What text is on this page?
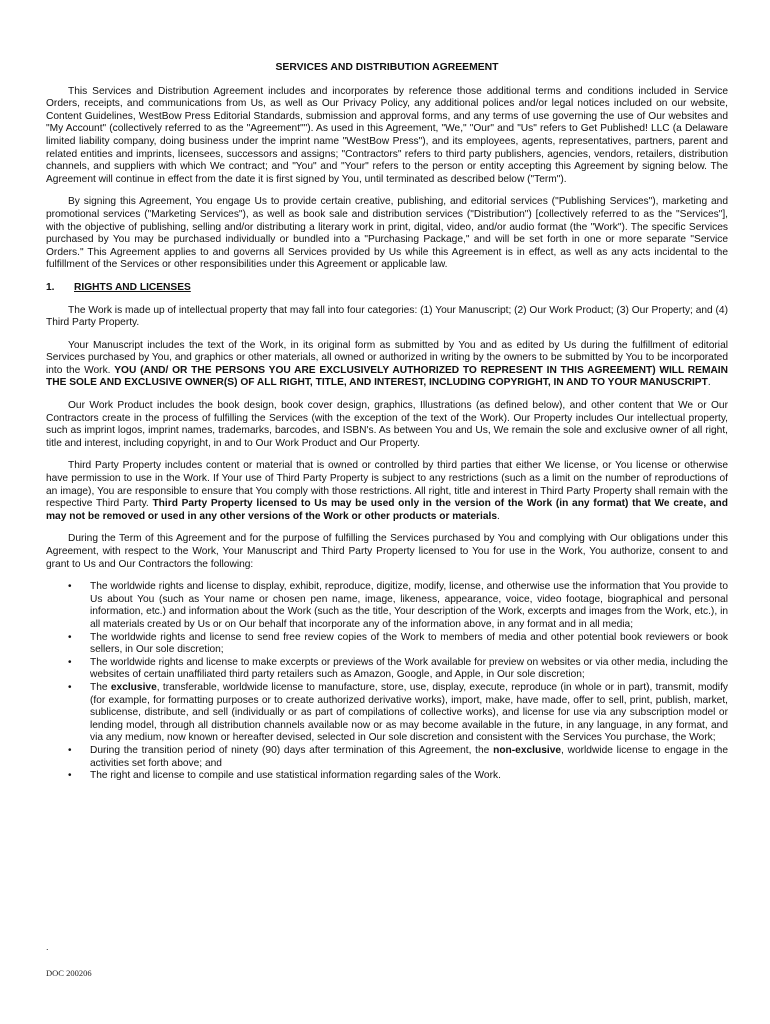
SERVICES AND DISTRIBUTION AGREEMENT

This Services and Distribution Agreement includes and incorporates by reference those additional terms and conditions included in Service Orders, receipts, and communications from Us, as well as Our Privacy Policy, any additional polices and/or legal notices included on our website, Content Guidelines, WestBow Press Editorial Standards, submission and approval forms, and any terms of use governing the use of Our websites and "My Account" (collectively referred to as the "Agreement""). As used in this Agreement, "We," "Our" and "Us" refers to Get Published! LLC (a Delaware limited liability company, doing business under the imprint name "WestBow Press"), and its employees, agents, representatives, partners, parent and related entities and imprints, licensees, successors and assigns; "Contractors" refers to third party publishers, agencies, vendors, retailers, distribution channels, and suppliers with which We contract; and "You" and "Your" refers to the person or entity accepting this Agreement by signing below. The Agreement will continue in effect from the date it is first signed by You, until terminated as described below ("Term").

By signing this Agreement, You engage Us to provide certain creative, publishing, and editorial services ("Publishing Services"), marketing and promotional services ("Marketing Services"), as well as book sale and distribution services ("Distribution") [collectively referred to as the "Services"], with the objective of publishing, selling and/or distributing a literary work in print, digital, video, and/or audio format (the "Work"). The specific Services purchased by You may be purchased individually or bundled into a "Purchasing Package," and will be set forth in one or more separate "Service Orders." This Agreement applies to and governs all Services provided by Us while this Agreement is in effect, as well as any acts incidental to the fulfillment of the Services or other responsibilities under this Agreement or applicable law.

1.	RIGHTS AND LICENSES

The Work is made up of intellectual property that may fall into four categories: (1) Your Manuscript; (2) Our Work Product; (3) Our Property; and (4) Third Party Property.

Your Manuscript includes the text of the Work, in its original form as submitted by You and as edited by Us during the fulfillment of editorial Services purchased by You, and graphics or other materials, all owned or authorized in writing by the owners to be submitted by You to be incorporated into the Work. YOU (AND/ OR THE PERSONS YOU ARE EXCLUSIVELY AUTHORIZED TO REPRESENT IN THIS AGREEMENT) WILL REMAIN THE SOLE AND EXCLUSIVE OWNER(S) OF ALL RIGHT, TITLE, AND INTEREST, INCLUDING COPYRIGHT, IN AND TO YOUR MANUSCRIPT.

Our Work Product includes the book design, book cover design, graphics, Illustrations (as defined below), and other content that We or Our Contractors create in the process of fulfilling the Services (with the exception of the text of the Work). Our Property includes Our intellectual property, such as imprint logos, imprint names, trademarks, barcodes, and ISBN's. As between You and Us, We remain the sole and exclusive owner of all right, title and interest, including copyright, in and to Our Work Product and Our Property.

Third Party Property includes content or material that is owned or controlled by third parties that either We license, or You license or otherwise have permission to use in the Work. If Your use of Third Party Property is subject to any restrictions (such as a limit on the number of reproductions of an image), You are responsible to ensure that You comply with those restrictions. All right, title and interest in Third Party Property shall remain with the respective Third Party. Third Party Property licensed to Us may be used only in the version of the Work (in any format) that We create, and may not be removed or used in any other versions of the Work or other products or materials.

During the Term of this Agreement and for the purpose of fulfilling the Services purchased by You and complying with Our obligations under this Agreement, with respect to the Work, Your Manuscript and Third Party Property licensed to You for use in the Work, You authorize, consent to and grant to Us and Our Contractors the following:

• The worldwide rights and license to display, exhibit, reproduce, digitize, modify, license, and otherwise use the information that You provide to Us about You (such as Your name or chosen pen name, image, likeness, appearance, voice, video footage, biographical and personal information, etc.) and information about the Work (such as the title, Your description of the Work, excerpts and images from the Work, etc.), in all materials created by Us or on Our behalf that incorporate any of the information above, in any format and in all media;
• The worldwide rights and license to send free review copies of the Work to members of media and other potential book reviewers or book sellers, in Our sole discretion;
• The worldwide rights and license to make excerpts or previews of the Work available for preview on websites or via other media, including the websites of certain unaffiliated third party retailers such as Amazon, Google, and Apple, in Our sole discretion;
• The exclusive, transferable, worldwide license to manufacture, store, use, display, execute, reproduce (in whole or in part), transmit, modify (for example, for formatting purposes or to create authorized derivative works), import, make, have made, offer to sell, print, publish, market, sublicense, distribute, and sell (individually or as part of compilations of collective works), and license for use via any subscription model or lending model, through all distribution channels available now or as may become available in the future, in any language, in any format, and via any medium, now known or hereafter devised, selected in Our sole discretion and consistent with the Services You purchase, the Work;
• During the transition period of ninety (90) days after termination of this Agreement, the non-exclusive, worldwide license to engage in the activities set forth above; and
• The right and license to compile and use statistical information regarding sales of the Work.
.
DOC 200206
